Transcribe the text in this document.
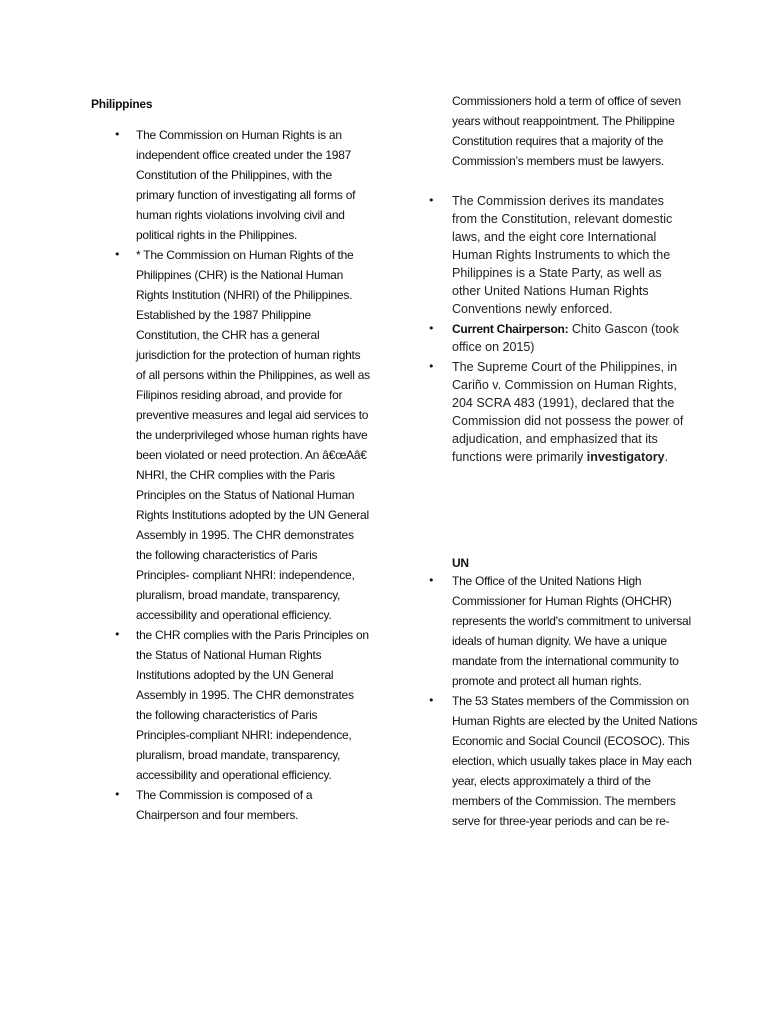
Philippines
• The Commission on Human Rights is an independent office created under the 1987 Constitution of the Philippines, with the primary function of investigating all forms of human rights violations involving civil and political rights in the Philippines.
• * The Commission on Human Rights of the Philippines (CHR) is the National Human Rights Institution (NHRI) of the Philippines. Established by the 1987 Philippine Constitution, the CHR has a general jurisdiction for the protection of human rights of all persons within the Philippines, as well as Filipinos residing abroad, and provide for preventive measures and legal aid services to the underprivileged whose human rights have been violated or need protection. An â€œAâ€ NHRI, the CHR complies with the Paris Principles on the Status of National Human Rights Institutions adopted by the UN General Assembly in 1995. The CHR demonstrates the following characteristics of Paris Principles- compliant NHRI: independence, pluralism, broad mandate, transparency, accessibility and operational efficiency.
• the CHR complies with the Paris Principles on the Status of National Human Rights Institutions adopted by the UN General Assembly in 1995. The CHR demonstrates the following characteristics of Paris Principles-compliant NHRI: independence, pluralism, broad mandate, transparency, accessibility and operational efficiency.
• The Commission is composed of a Chairperson and four members.
Commissioners hold a term of office of seven years without reappointment. The Philippine Constitution requires that a majority of the Commission’s members must be lawyers.
• The Commission derives its mandates from the Constitution, relevant domestic laws, and the eight core International Human Rights Instruments to which the Philippines is a State Party, as well as other United Nations Human Rights Conventions newly enforced.
• Current Chairperson: Chito Gascon (took office on 2015)
• The Supreme Court of the Philippines, in Cariño v. Commission on Human Rights, 204 SCRA 483 (1991), declared that the Commission did not possess the power of adjudication, and emphasized that its functions were primarily investigatory.
UN
• The Office of the United Nations High Commissioner for Human Rights (OHCHR) represents the world's commitment to universal ideals of human dignity. We have a unique mandate from the international community to promote and protect all human rights.
• The 53 States members of the Commission on Human Rights are elected by the United Nations Economic and Social Council (ECOSOC). This election, which usually takes place in May each year, elects approximately a third of the members of the Commission. The members serve for three-year periods and can be re-
